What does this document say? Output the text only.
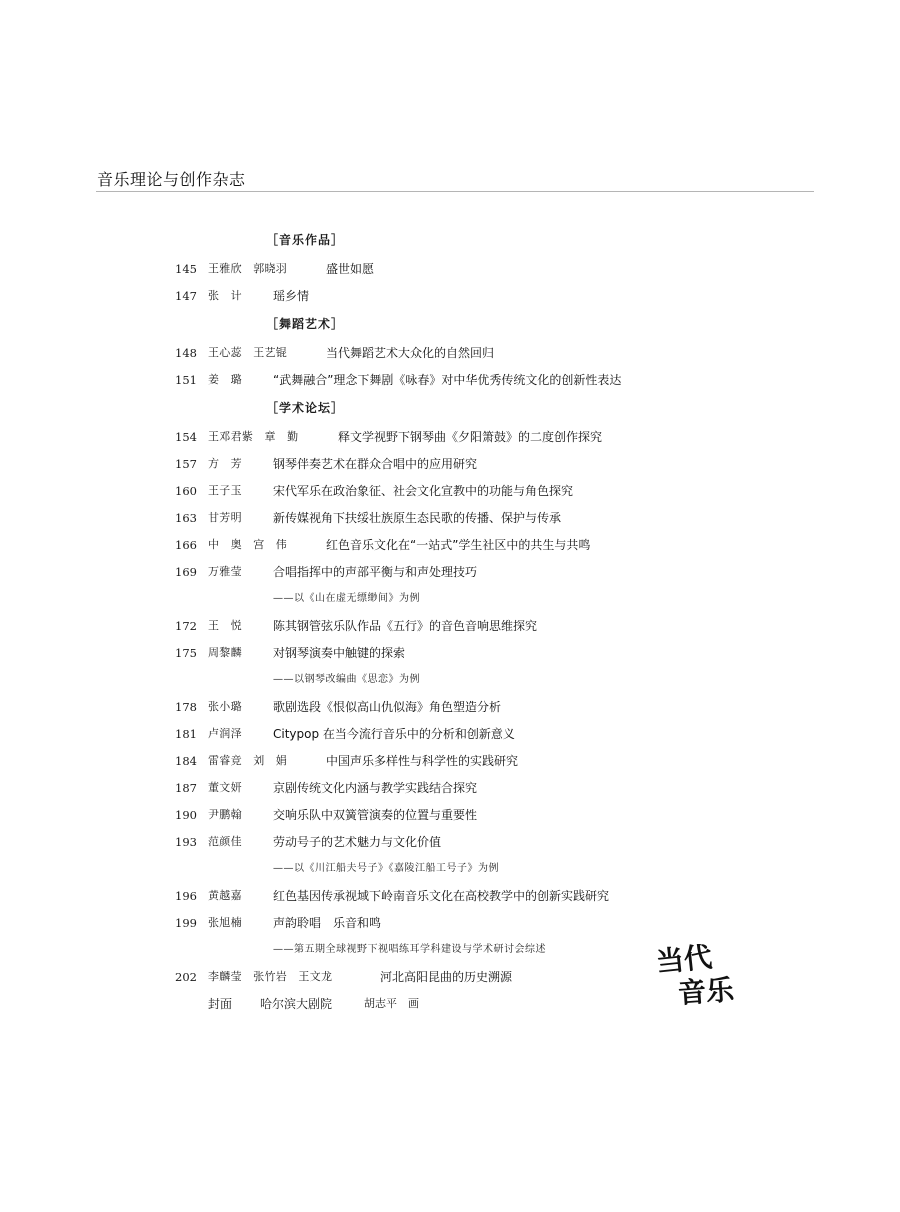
音乐理论与创作杂志
［音乐作品］
145 王雅欣　郭晓羽	盛世如愿
147 张　计	瑶乡情
［舞蹈艺术］
148 王心蕊　王艺锟	当代舞蹈艺术大众化的自然回归
151 姜　璐	“武舞融合”理念下舞剧《咏春》对中华优秀传统文化的创新性表达
［学术论坛］
154 王邓君紫　章　勤	释文学视野下钢琴曲《夕阳箫鼓》的二度创作探究
157 方　芳	钢琴伴奏艺术在群众合唱中的应用研究
160 王子玉	宋代军乐在政治象征、社会文化宣教中的功能与角色探究
163 甘芳明	新传媒视角下扶绥壮族原生态民歌的传播、保护与传承
166 中　奥　宫　伟	红色音乐文化在“一站式”学生社区中的共生与共鸣
169 万雅莹	合唱指挥中的声部平衡与和声处理技巧
——以《山在虚无缥缈间》为例
172 王　悦	陈其钢管弦乐队作品《五行》的音色音响思维探究
175 周黎麟	对钢琴演奏中触键的探索
——以钢琴改编曲《思恋》为例
178 张小璐	歌剧选段《恨似高山仇似海》角色塑造分析
181 卢润泽	Citypop 在当今流行音乐中的分析和创新意义
184 雷睿竞　刘　娟	中国声乐多样性与科学性的实践研究
187 董文妍	京剧传统文化内涵与教学实践结合探究
190 尹鹏翰	交响乐队中双簧管演奏的位置与重要性
193 范颜佳	劳动号子的艺术魅力与文化价值
——以《川江船夫号子》《嘉陵江船工号子》为例
196 黄越嘉	红色基因传承视域下岭南音乐文化在高校教学中的创新实践研究
199 张旭楠	声韵聆唱　乐音和鸣
——第五期全球视野下视唱练耳学科建设与学术研讨会综述
202 李麟莹　张竹岩　王文龙	河北高阳昆曲的历史溯源
封面 哈尔滨大剧院	胡志平　画
当代
音乐
